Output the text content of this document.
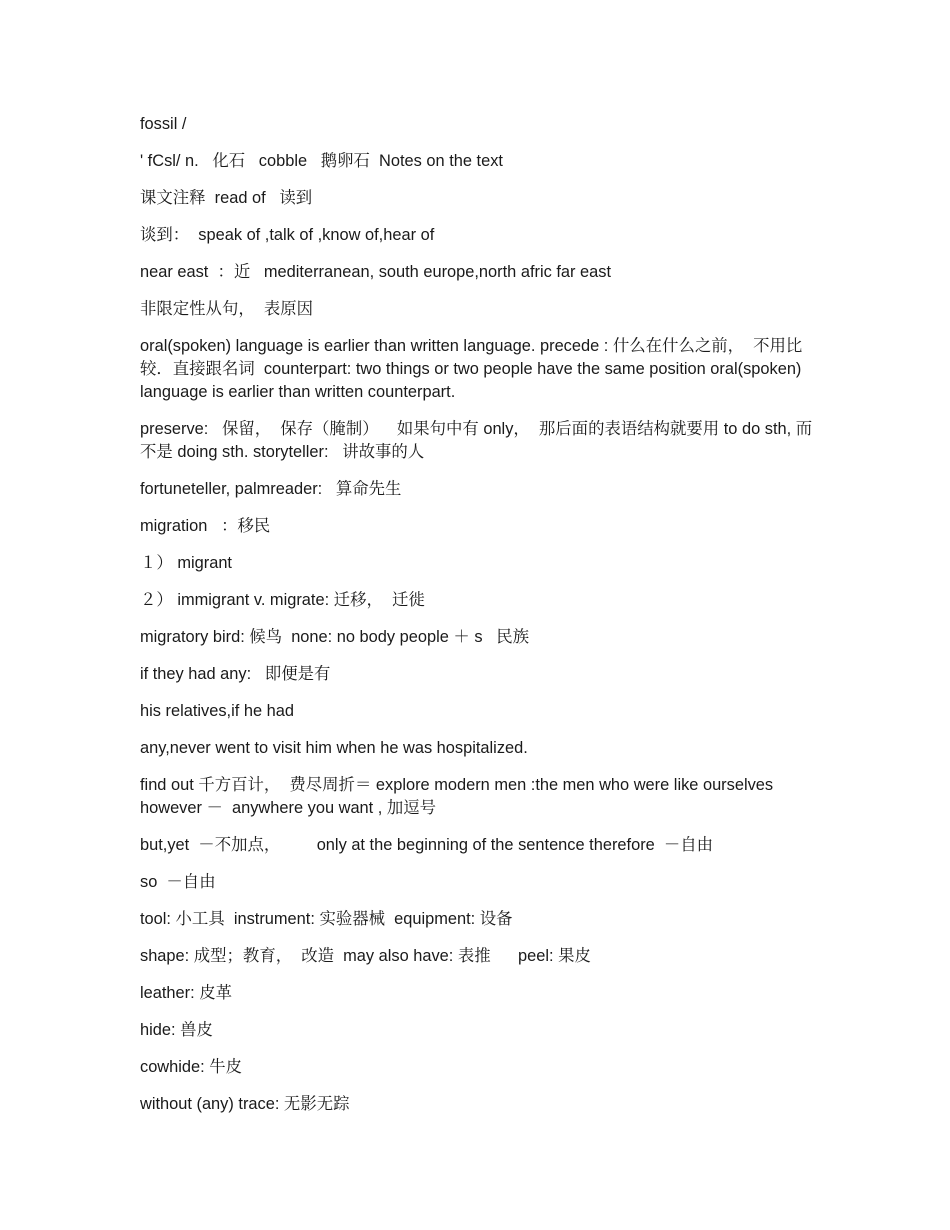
fossil /

' fCsl/ n.   化石   cobble   鹅卵石  Notes on the text

课文注释  read of   读到

谈到：  speak of ,talk of ,know of,hear of

near east  ：近   mediterranean, south europe,north afric far east

非限定性从句，  表原因

oral(spoken) language is earlier than written language. precede : 什么在什么之前，  不用比较．直接跟名词  counterpart: two things or two people have the same position oral(spoken) language is earlier than written counterpart.

preserve:   保留，  保存（腌制）    如果句中有 only，  那后面的表语结构就要用 to do sth, 而不是 doing sth. storyteller:   讲故事的人

fortuneteller, palmreader:   算命先生

migration   ：移民

１） migrant

２） immigrant v. migrate: 迁移，  迁徙

migratory bird: 候鸟  none: no body people ＋ s   民族

if they had any:   即便是有

his relatives,if he had

any,never went to visit him when he was hospitalized.

find out 千方百计，  费尽周折＝ explore modern men :the men who were like ourselves however －  anywhere you want , 加逗号

but,yet  －不加点，        only at the beginning of the sentence therefore  －自由

so  －自由

tool: 小工具  instrument: 实验器械  equipment: 设备

shape: 成型；教育，  改造  may also have: 表推      peel: 果皮

leather: 皮革

hide: 兽皮

cowhide: 牛皮

without (any) trace: 无影无踪
